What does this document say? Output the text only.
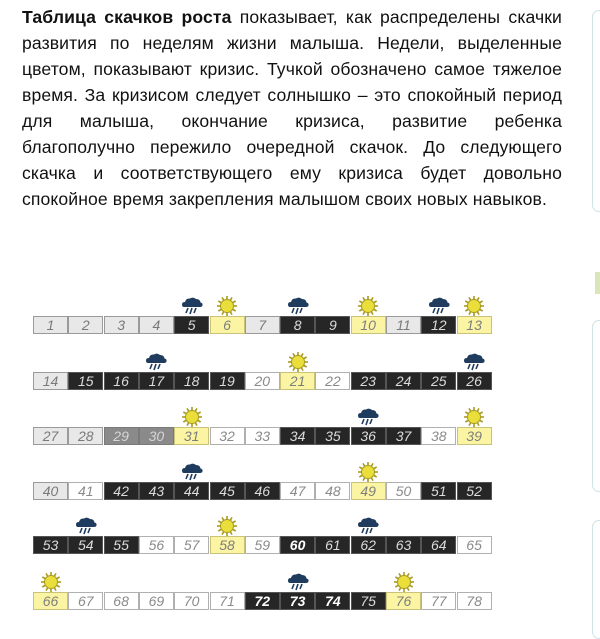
Таблица скачков роста показывает, как распределены скачки развития по неделям жизни малыша. Недели, выделенные цветом, показывают кризис. Тучкой обозначено самое тяжелое время. За кризисом следует солнышко – это спокойный период для малыша, окончание кризиса, развитие ребенка благополучно пережило очередной скачок. До следующего скачка и соответствующего ему кризиса будет довольно спокойное время закрепления малышом своих новых навыков.
1	2	3	4	5	6	7	8	9	10	11	12	13
14	15	16	17	18	19	20	21	22	23	24	25	26
27	28	29	30	31	32	33	34	35	36	37	38	39
40	41	42	43	44	45	46	47	48	49	50	51	52
53	54	55	56	57	58	59	60	61	62	63	64	65
66	67	68	69	70	71	72	73	74	75	76	77	78
